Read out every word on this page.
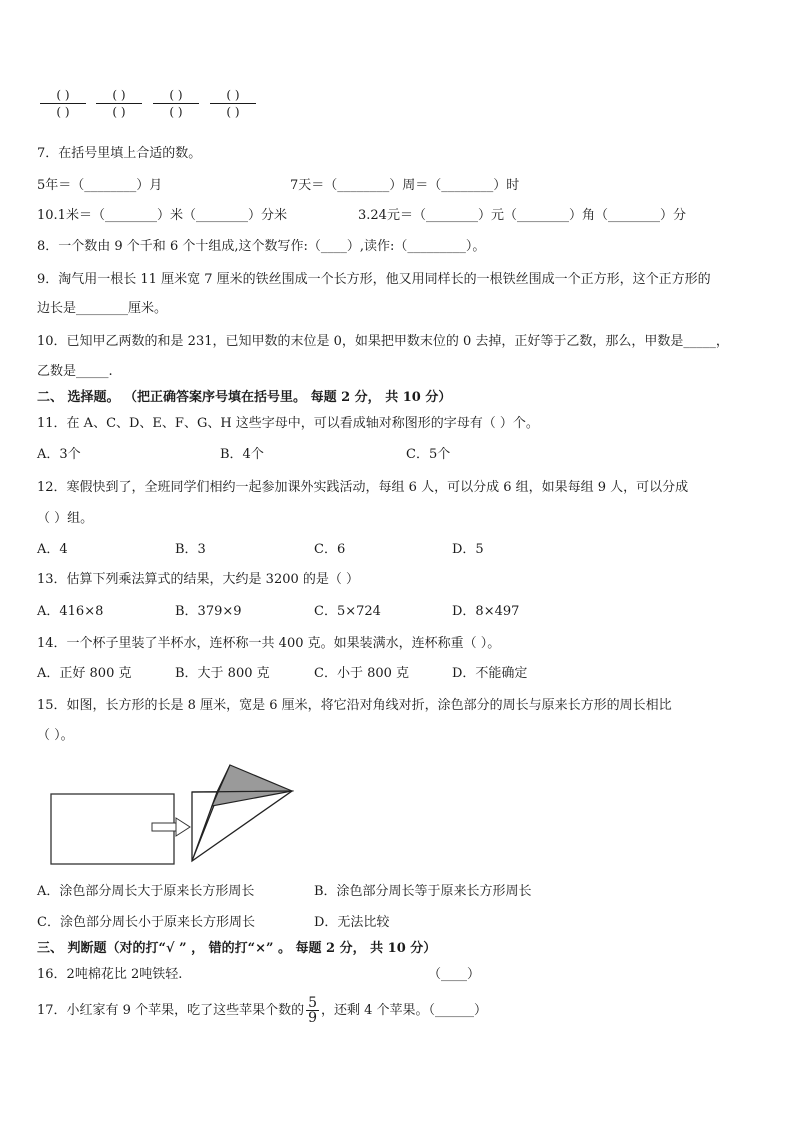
( )
( )
( )
( )
( )
( )
( )
( )
7．在括号里填上合适的数。
5年＝（________）月	7天＝（________）周＝（________）时
10.1米＝（________）米（________）分米	3.24元＝（________）元（________）角（________）分
8．一个数由 9 个千和 6 个十组成,这个数写作:（____）,读作:（_________）。
9．淘气用一根长 11 厘米宽 7 厘米的铁丝围成一个长方形，他又用同样长的一根铁丝围成一个正方形，这个正方形的
边长是________厘米。
10．已知甲乙两数的和是 231，已知甲数的末位是 0，如果把甲数末位的 0 去掉，正好等于乙数，那么，甲数是_____，
乙数是_____.
二、 选择题。 （把正确答案序号填在括号里。 每题 2 分， 共 10 分）
11．在 A、C、D、E、F、G、H 这些字母中，可以看成轴对称图形的字母有（ ）个。
A．3个	B．4个	C．5个
12．寒假快到了，全班同学们相约一起参加课外实践活动，每组 6 人，可以分成 6 组，如果每组 9 人，可以分成
（ ）组。
A．4	B．3	C．6	D．5
13．估算下列乘法算式的结果，大约是 3200 的是（ ）
A．416×8	B．379×9	C．5×724	D．8×497
14．一个杯子里装了半杯水，连杯称一共 400 克。如果装满水，连杯称重（ ）。
A．正好 800 克	B．大于 800 克	C．小于 800 克	D．不能确定
15．如图，长方形的长是 8 厘米，宽是 6 厘米，将它沿对角线对折，涂色部分的周长与原来长方形的周长相比
（ ）。
A．涂色部分周长大于原来长方形周长	B．涂色部分周长等于原来长方形周长
C．涂色部分周长小于原来长方形周长	D．无法比较
三、 判断题（对的打“√ ” ， 错的打“×” 。 每题 2 分， 共 10 分）
16．2吨棉花比 2吨铁轻.	（____）
17．小红家有 9 个苹果，吃了这些苹果个数的 $\frac{5}{9}$ ，还剩 4 个苹果。（______）
